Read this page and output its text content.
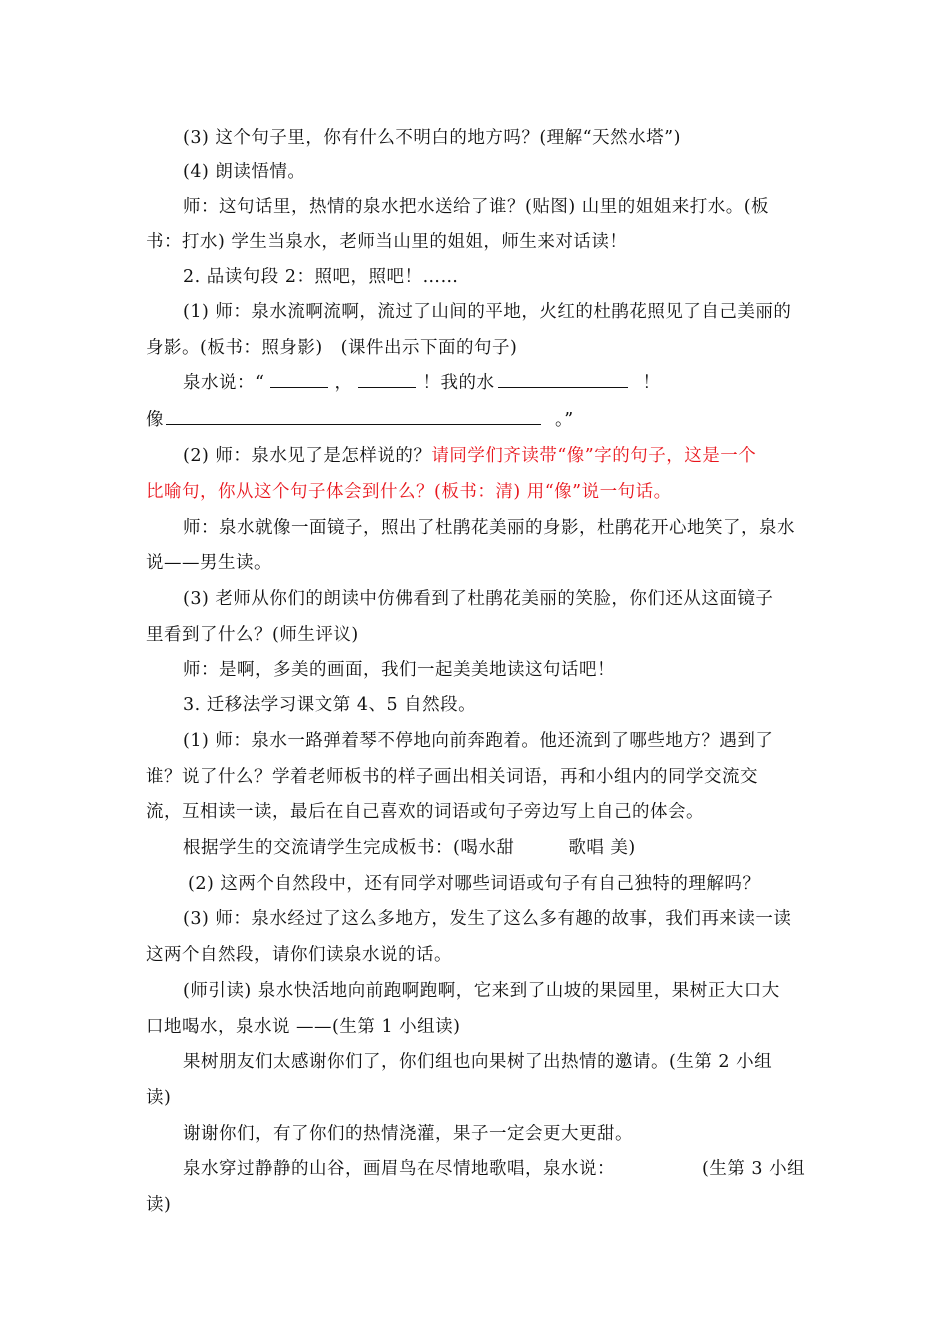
(3) 这个句子里，你有什么不明白的地方吗？(理解“天然水塔”)
(4) 朗读悟情。
师：这句话里，热情的泉水把水送给了谁？(贴图) 山里的姐姐来打水。(板
书：打水) 学生当泉水，老师当山里的姐姐，师生来对话读！
2. 品读句段 2：照吧，照吧！……
(1) 师：泉水流啊流啊，流过了山间的平地，火红的杜鹃花照见了自己美丽的
身影。(板书：照身影)　(课件出示下面的句子)
泉水说：“	，	！我的水	！
像	。”
(2) 师：泉水见了是怎样说的？请同学们齐读带“像”字的句子，这是一个
比喻句，你从这个句子体会到什么？(板书：清) 用“像”说一句话。
师：泉水就像一面镜子，照出了杜鹃花美丽的身影，杜鹃花开心地笑了，泉水
说——男生读。
(3) 老师从你们的朗读中仿佛看到了杜鹃花美丽的笑脸，你们还从这面镜子
里看到了什么？(师生评议)
师：是啊，多美的画面，我们一起美美地读这句话吧！
3. 迁移法学习课文第 4、5 自然段。
(1) 师：泉水一路弹着琴不停地向前奔跑着。他还流到了哪些地方？遇到了
谁？说了什么？学着老师板书的样子画出相关词语，再和小组内的同学交流交
流，互相读一读，最后在自己喜欢的词语或句子旁边写上自己的体会。
根据学生的交流请学生完成板书：(喝水甜　　　歌唱 美)
(2) 这两个自然段中，还有同学对哪些词语或句子有自己独特的理解吗？
(3) 师：泉水经过了这么多地方，发生了这么多有趣的故事，我们再来读一读
这两个自然段，请你们读泉水说的话。
(师引读) 泉水快活地向前跑啊跑啊，它来到了山坡的果园里，果树正大口大
口地喝水，泉水说 ——(生第 1 小组读)
果树朋友们太感谢你们了，你们组也向果树了出热情的邀请。(生第 2 小组
读)
谢谢你们，有了你们的热情浇灌，果子一定会更大更甜。
泉水穿过静静的山谷，画眉鸟在尽情地歌唱，泉水说：	(生第 3 小组
读)
